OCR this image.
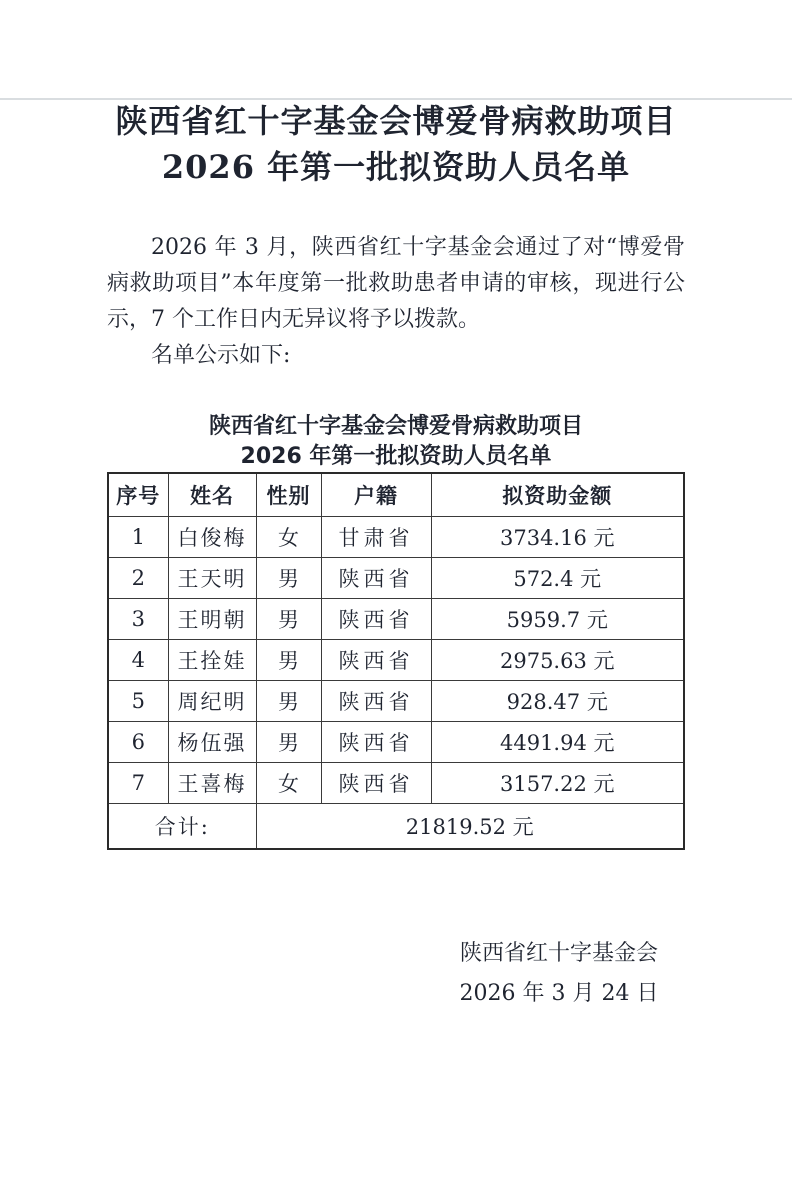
陕西省红十字基金会博爱骨病救助项目
2026 年第一批拟资助人员名单

2026 年 3 月，陕西省红十字基金会通过了对“博爱骨病救助项目”本年度第一批救助患者申请的审核，现进行公示，7 个工作日内无异议将予以拨款。

名单公示如下:

陕西省红十字基金会博爱骨病救助项目
2026 年第一批拟资助人员名单
序号	姓名	性别	户籍	拟资助金额
1	白俊梅	女	甘肃省	3734.16 元
2	王天明	男	陕西省	572.4 元
3	王明朝	男	陕西省	5959.7 元
4	王拴娃	男	陕西省	2975.63 元
5	周纪明	男	陕西省	928.47 元
6	杨伍强	男	陕西省	4491.94 元
7	王喜梅	女	陕西省	3157.22 元
合计:		21819.52 元		
陕西省红十字基金会
2026 年 3 月 24 日
